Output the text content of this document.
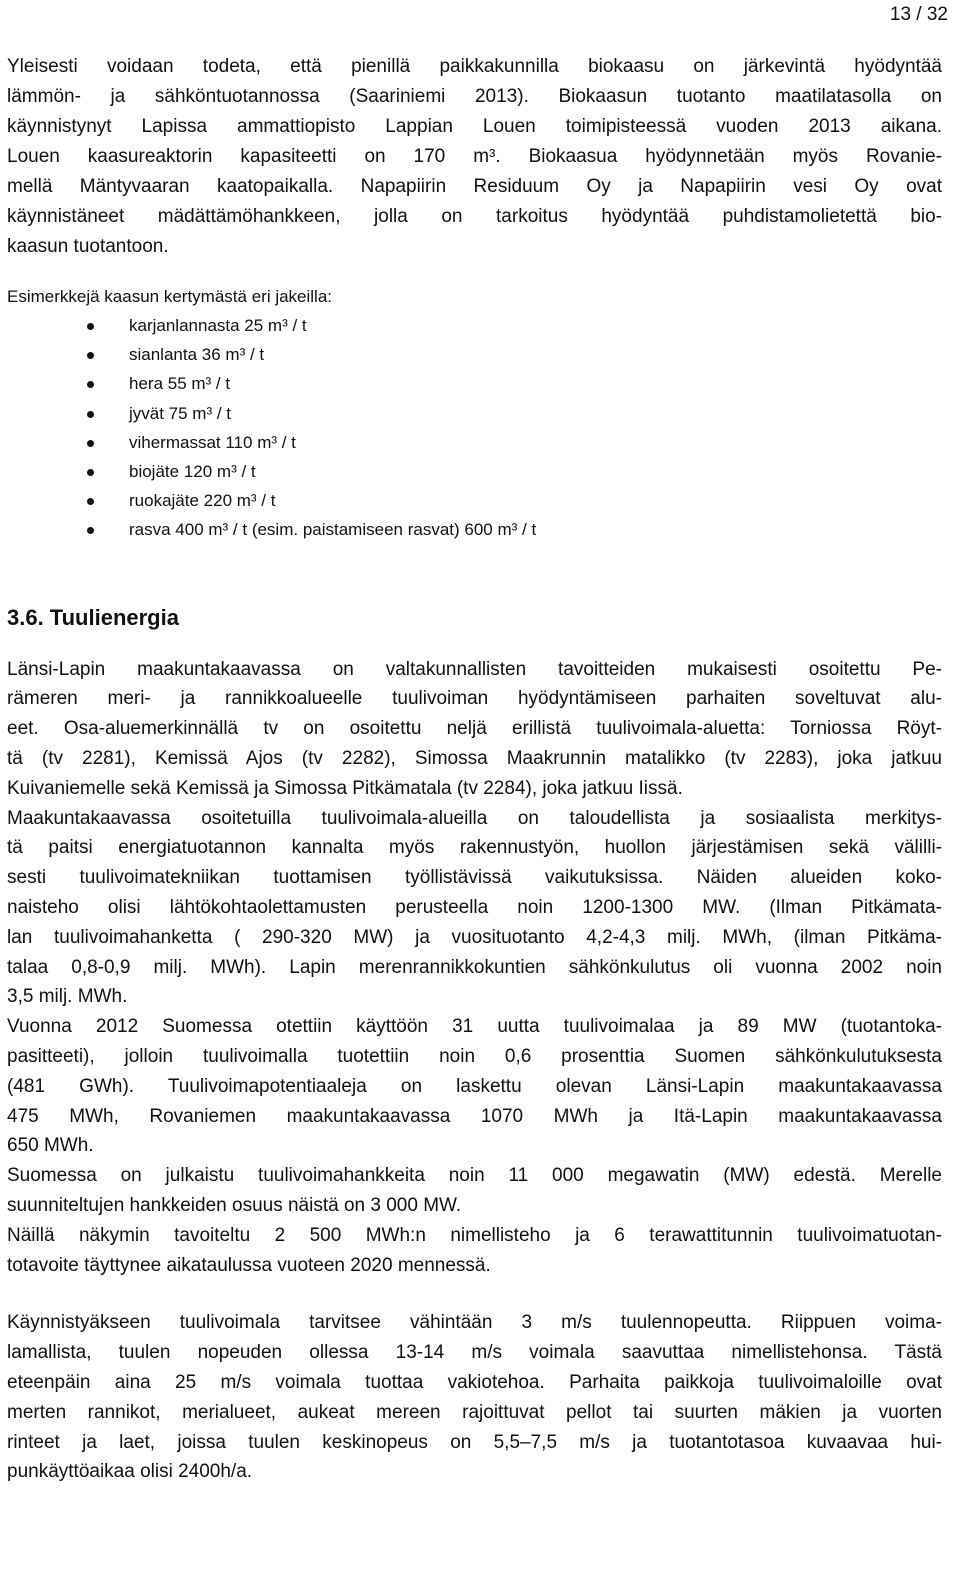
13 / 32
Yleisesti voidaan todeta, että pienillä paikkakunnilla biokaasu on järkevintä hyödyntää
lämmön- ja sähköntuotannossa (Saariniemi 2013). Biokaasun tuotanto maatilatasolla on
käynnistynyt Lapissa ammattiopisto Lappian Louen toimipisteessä vuoden 2013 aikana.
Louen kaasureaktorin kapasiteetti on 170 m³. Biokaasua hyödynnetään myös Rovanie-
mellä Mäntyvaaran kaatopaikalla. Napapiirin Residuum Oy ja Napapiirin vesi Oy ovat
käynnistäneet mädättämöhankkeen, jolla on tarkoitus hyödyntää puhdistamolietettä bio-
kaasun tuotantoon.

Esimerkkejä kaasun kertymästä eri jakeilla:

karjanlannasta 25 m³ / t
sianlanta 36 m³ / t
hera 55 m³ / t
jyvät 75 m³ / t
vihermassat 110 m³ / t
biojäte 120 m³ / t
ruokajäte 220 m³ / t
rasva 400 m³ / t (esim. paistamiseen rasvat) 600 m³ / t
3.6. Tuulienergia
Länsi-Lapin maakuntakaavassa on valtakunnallisten tavoitteiden mukaisesti osoitettu Pe-
rämeren meri- ja rannikkoalueelle tuulivoiman hyödyntämiseen parhaiten soveltuvat alu-
eet. Osa-aluemerkinnällä tv on osoitettu neljä erillistä tuulivoimala-aluetta: Torniossa Röyt-
tä (tv 2281), Kemissä Ajos (tv 2282), Simossa Maakrunnin matalikko (tv 2283), joka jatkuu
Kuivaniemelle sekä Kemissä ja Simossa Pitkämatala (tv 2284), joka jatkuu Iissä.
Maakuntakaavassa osoitetuilla tuulivoimala-alueilla on taloudellista ja sosiaalista merkitys-
tä paitsi energiatuotannon kannalta myös rakennustyön, huollon järjestämisen sekä välilli-
sesti tuulivoimatekniikan tuottamisen työllistävissä vaikutuksissa. Näiden alueiden koko-
naisteho olisi lähtökohtaolettamusten perusteella noin 1200-1300 MW. (Ilman Pitkämata-
lan tuulivoimahanketta ( 290-320 MW) ja vuosituotanto 4,2-4,3 milj. MWh, (ilman Pitkäma-
talaa 0,8-0,9 milj. MWh). Lapin merenrannikkokuntien sähkönkulutus oli vuonna 2002 noin
3,5 milj. MWh.
Vuonna 2012 Suomessa otettiin käyttöön 31 uutta tuulivoimalaa ja 89 MW (tuotantoka-
pasitteeti), jolloin tuulivoimalla tuotettiin noin 0,6 prosenttia Suomen sähkönkulutuksesta
(481 GWh). Tuulivoimapotentiaaleja on laskettu olevan Länsi-Lapin maakuntakaavassa
475 MWh, Rovaniemen maakuntakaavassa 1070 MWh ja Itä-Lapin maakuntakaavassa
650 MWh.
Suomessa on julkaistu tuulivoimahankkeita noin 11 000 megawatin (MW) edestä. Merelle
suunniteltujen hankkeiden osuus näistä on 3 000 MW.
Näillä näkymin tavoiteltu 2 500 MWh:n nimellisteho ja 6 terawattitunnin tuulivoimatuotan-
totavoite täyttynee aikataulussa vuoteen 2020 mennessä.
Käynnistyäkseen tuulivoimala tarvitsee vähintään 3 m/s tuulennopeutta. Riippuen voima-
lamallista, tuulen nopeuden ollessa 13-14 m/s voimala saavuttaa nimellistehonsa. Tästä
eteenpäin aina 25 m/s voimala tuottaa vakiotehoa. Parhaita paikkoja tuulivoimaloille ovat
merten rannikot, merialueet, aukeat mereen rajoittuvat pellot tai suurten mäkien ja vuorten
rinteet ja laet, joissa tuulen keskinopeus on 5,5–7,5 m/s ja tuotantotasoa kuvaavaa hui-
punkäyttöaikaa olisi 2400h/a.
